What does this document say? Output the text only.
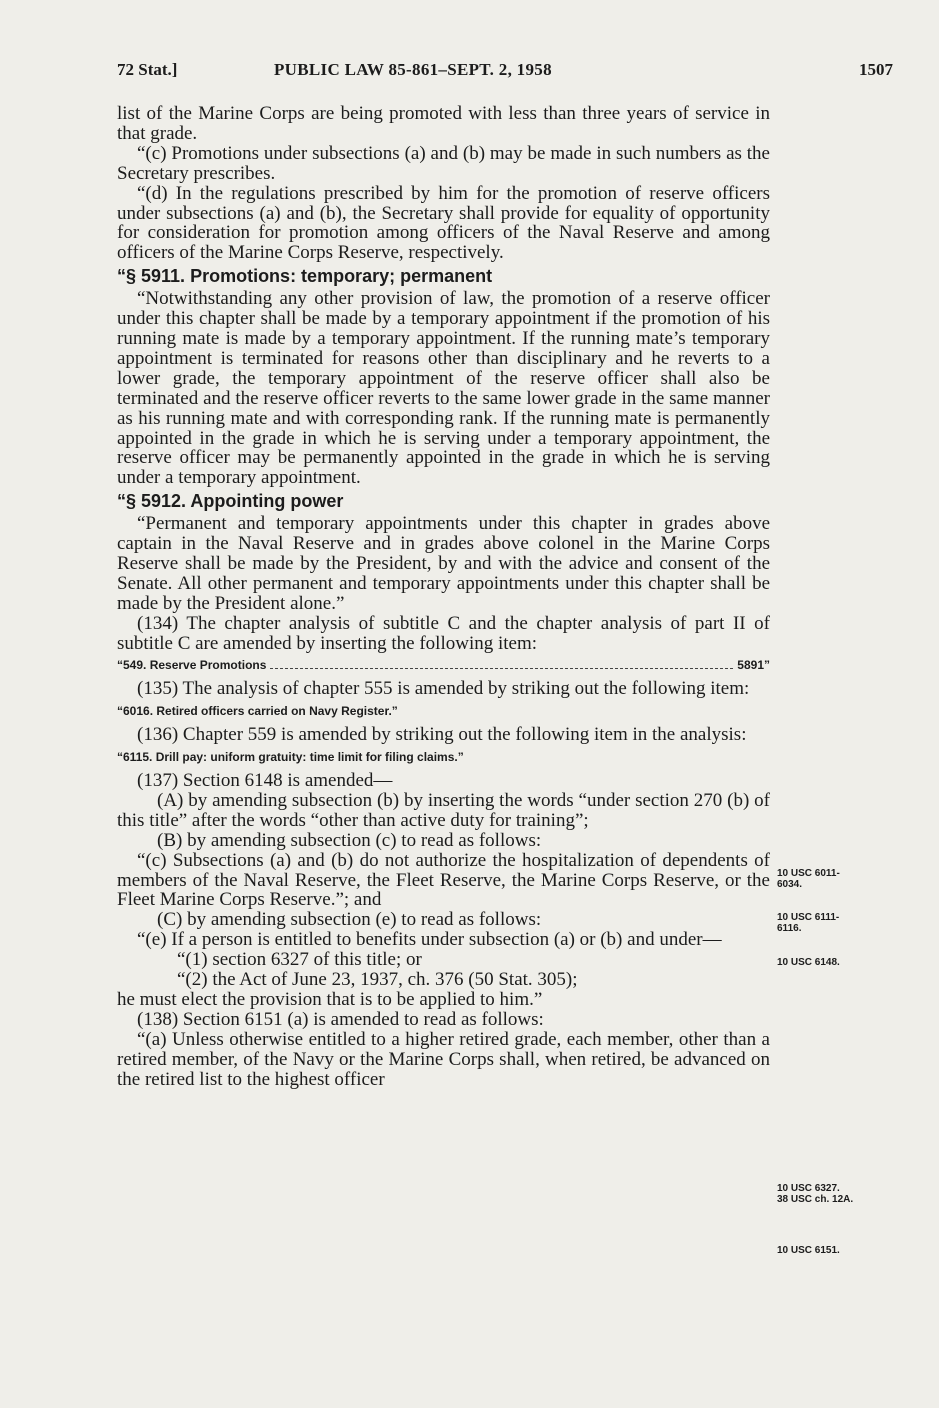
72 Stat.]	PUBLIC LAW 85-861–SEPT. 2, 1958	1507

list of the Marine Corps are being promoted with less than three years of service in that grade.

“(c) Promotions under subsections (a) and (b) may be made in such numbers as the Secretary prescribes.

“(d) In the regulations prescribed by him for the promotion of reserve officers under subsections (a) and (b), the Secretary shall provide for equality of opportunity for consideration for promotion among officers of the Naval Reserve and among officers of the Marine Corps Reserve, respectively.

“§ 5911. Promotions: temporary; permanent

“Notwithstanding any other provision of law, the promotion of a reserve officer under this chapter shall be made by a temporary appointment if the promotion of his running mate is made by a temporary appointment. If the running mate’s temporary appointment is terminated for reasons other than disciplinary and he reverts to a lower grade, the temporary appointment of the reserve officer shall also be terminated and the reserve officer reverts to the same lower grade in the same manner as his running mate and with corresponding rank. If the running mate is permanently appointed in the grade in which he is serving under a temporary appointment, the reserve officer may be permanently appointed in the grade in which he is serving under a temporary appointment.

“§ 5912. Appointing power

“Permanent and temporary appointments under this chapter in grades above captain in the Naval Reserve and in grades above colonel in the Marine Corps Reserve shall be made by the President, by and with the advice and consent of the Senate. All other permanent and temporary appointments under this chapter shall be made by the President alone.”

(134) The chapter analysis of subtitle C and the chapter analysis of part II of subtitle C are amended by inserting the following item:

“549. Reserve Promotions	5891”

(135) The analysis of chapter 555 is amended by striking out the following item:

“6016. Retired officers carried on Navy Register.”

(136) Chapter 559 is amended by striking out the following item in the analysis:

“6115. Drill pay: uniform gratuity: time limit for filing claims.”

(137) Section 6148 is amended—

(A) by amending subsection (b) by inserting the words “under section 270 (b) of this title” after the words “other than active duty for training”;

(B) by amending subsection (c) to read as follows:

“(c) Subsections (a) and (b) do not authorize the hospitalization of dependents of members of the Naval Reserve, the Fleet Reserve, the Marine Corps Reserve, or the Fleet Marine Corps Reserve.”; and

(C) by amending subsection (e) to read as follows:

“(e) If a person is entitled to benefits under subsection (a) or (b) and under—

“(1) section 6327 of this title; or

“(2) the Act of June 23, 1937, ch. 376 (50 Stat. 305);

he must elect the provision that is to be applied to him.”

(138) Section 6151 (a) is amended to read as follows:

“(a) Unless otherwise entitled to a higher retired grade, each member, other than a retired member, of the Navy or the Marine Corps shall, when retired, be advanced on the retired list to the highest officer

10 USC 6011-
6034.
10 USC 6111-
6116.
10 USC 6148.
10 USC 6327.
38 USC ch. 12A.
10 USC 6151.
